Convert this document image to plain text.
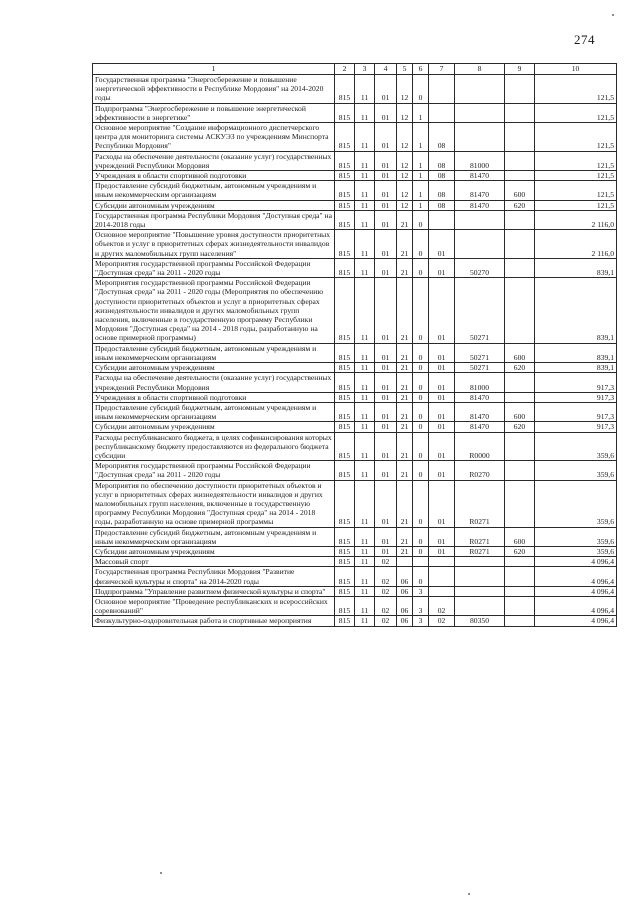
274
1	2	3	4	5	6	7	8	9	10
Государственная программа "Энергосбережение и повышение энергетической эффективности в Республике Мордовия" на 2014-2020 годы	815	11	01	12	0				121,5
Подпрограмма "Энергосбережение и повышение энергетической эффективности в энергетике"	815	11	01	12	1				121,5
Основное мероприятие "Создание информационного диспетчерского центра для мониторинга системы АСКУЭЗ по учреждениям Минспорта Республики Мордовия"	815	11	01	12	1	08			121,5
Расходы на обеспечение деятельности (оказание услуг) государственных учреждений Республики Мордовия	815	11	01	12	1	08	81000		121,5
Учреждения в области спортивной подготовки	815	11	01	12	1	08	81470		121,5
Предоставление субсидий бюджетным, автономным учреждениям и иным некоммерческим организациям	815	11	01	12	1	08	81470	600	121,5
Субсидии автономным учреждениям	815	11	01	12	1	08	81470	620	121,5
Государственная программа Республики Мордовия "Доступная среда" на 2014-2018 годы	815	11	01	21	0				2 116,0
Основное мероприятие "Повышение уровня доступности приоритетных объектов и услуг в приоритетных сферах жизнедеятельности инвалидов и других маломобильных групп населения"	815	11	01	21	0	01			2 116,0
Мероприятия государственной программы Российской Федерации "Доступная среда" на 2011 - 2020 годы	815	11	01	21	0	01	50270		839,1
Мероприятия государственной программы Российской Федерации "Доступная среда" на 2011 - 2020 годы (Мероприятия по обеспечению доступности приоритетных объектов и услуг в приоритетных сферах жизнедеятельности инвалидов и других маломобильных групп населения, включенные в государственную программу Республики Мордовия "Доступная среда" на 2014 - 2018 годы, разработанную на основе примерной программы)	815	11	01	21	0	01	50271		839,1
Предоставление субсидий бюджетным, автономным учреждениям и иным некоммерческим организациям	815	11	01	21	0	01	50271	600	839,1
Субсидии автономным учреждениям	815	11	01	21	0	01	50271	620	839,1
Расходы на обеспечение деятельности (оказание услуг) государственных учреждений Республики Мордовия	815	11	01	21	0	01	81000		917,3
Учреждения в области спортивной подготовки	815	11	01	21	0	01	81470		917,3
Предоставление субсидий бюджетным, автономным учреждениям и иным некоммерческим организациям	815	11	01	21	0	01	81470	600	917,3
Субсидии автономным учреждениям	815	11	01	21	0	01	81470	620	917,3
Расходы республиканского бюджета, в целях софинансирования которых республиканскому бюджету предоставляются из федерального бюджета субсидии	815	11	01	21	0	01	R0000		359,6
Мероприятия государственной программы Российской Федерации "Доступная среда" на 2011 - 2020 годы	815	11	01	21	0	01	R0270		359,6
Мероприятия по обеспечению доступности приоритетных объектов и услуг в приоритетных сферах жизнедеятельности инвалидов и других маломобильных групп населения, включенные в государственную программу Республики Мордовия "Доступная среда" на 2014 - 2018 годы, разработанную на основе примерной программы	815	11	01	21	0	01	R0271		359,6
Предоставление субсидий бюджетным, автономным учреждениям и иным некоммерческим организациям	815	11	01	21	0	01	R0271	600	359,6
Субсидии автономным учреждениям	815	11	01	21	0	01	R0271	620	359,6
Массовый спорт	815	11	02						4 096,4
Государственная программа Республики Мордовия "Развитие физической культуры и спорта" на 2014-2020 годы	815	11	02	06	0				4 096,4
Подпрограмма "Управление развитием физической культуры и спорта"	815	11	02	06	3				4 096,4
Основное мероприятие "Проведение республиканских и всероссийских соревнований"	815	11	02	06	3	02			4 096,4
Физкультурно-оздоровительная работа и спортивные мероприятия	815	11	02	06	3	02	80350		4 096,4
